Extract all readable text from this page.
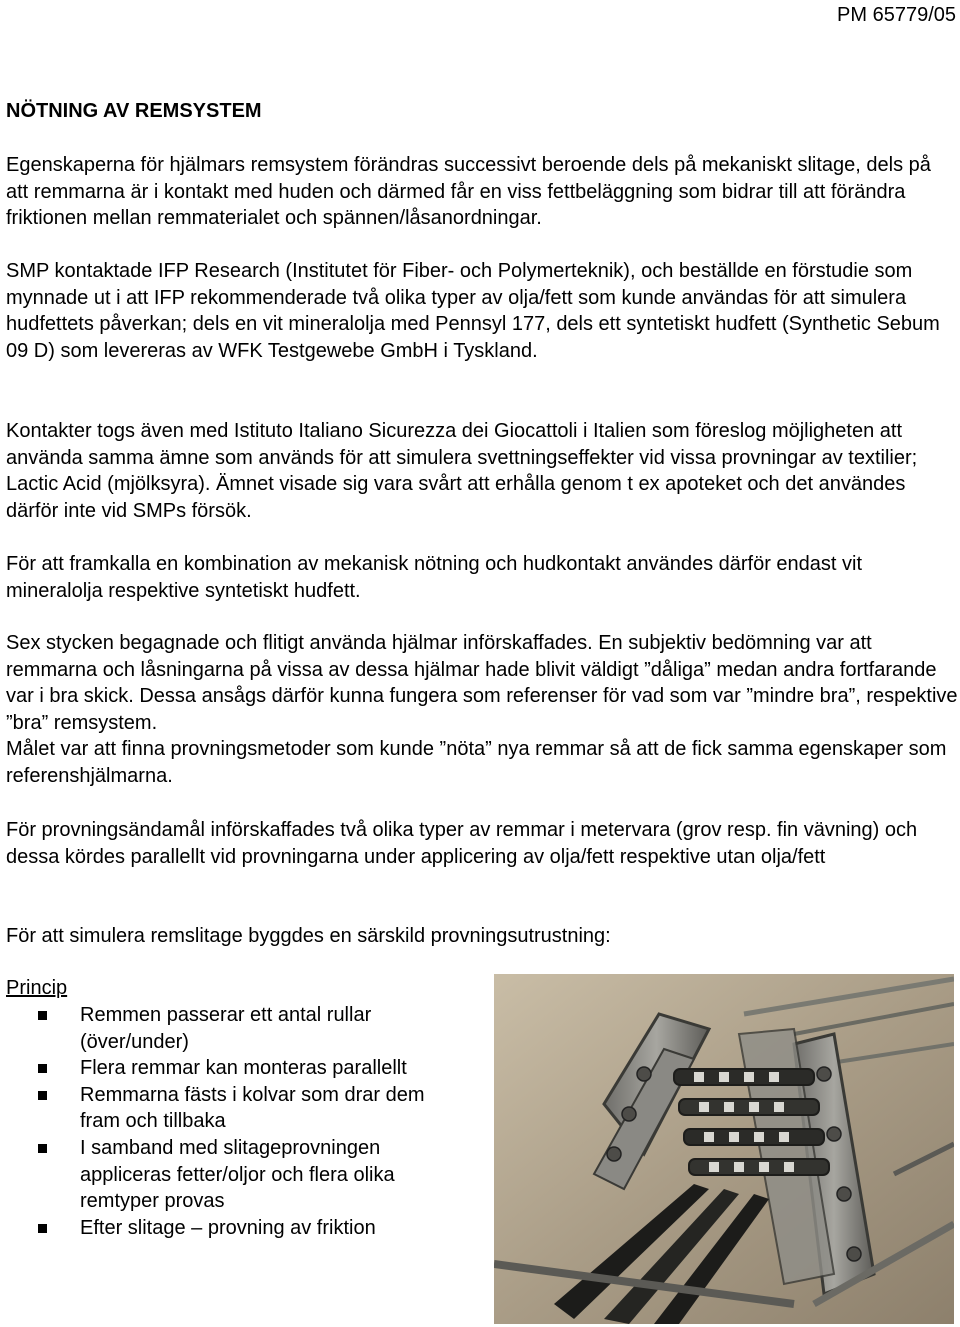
PM 65779/05
NÖTNING AV REMSYSTEM

Egenskaperna för hjälmars remsystem förändras successivt beroende dels på mekaniskt slitage, dels på att remmarna är i kontakt med huden och därmed får en viss fettbeläggning som bidrar till att förändra friktionen mellan remmaterialet och spännen/låsanordningar.

SMP kontaktade IFP Research (Institutet för Fiber- och Polymerteknik), och beställde en förstudie som mynnade ut i att IFP rekommenderade två olika typer av olja/fett som kunde användas för att simulera hudfettets påverkan; dels en vit mineralolja med Pennsyl 177, dels ett syntetiskt hudfett (Synthetic Sebum 09 D) som levereras av WFK Testgewebe GmbH i Tyskland.

Kontakter togs även med Istituto Italiano Sicurezza dei Giocattoli i Italien som föreslog möjligheten att använda samma ämne som används för att simulera svettningseffekter vid vissa provningar av textilier; Lactic Acid (mjölksyra). Ämnet visade sig vara svårt att erhålla genom t ex apoteket och det användes därför inte vid SMPs försök.

För att framkalla en kombination av mekanisk nötning och hudkontakt användes därför endast vit mineralolja respektive syntetiskt hudfett.

Sex stycken begagnade och flitigt använda hjälmar införskaffades. En subjektiv bedömning var att remmarna och låsningarna på vissa av dessa hjälmar hade blivit väldigt ”dåliga” medan andra fortfarande var i bra skick. Dessa ansågs därför kunna fungera som referenser för vad som var ”mindre bra”, respektive ”bra” remsystem.

Målet var att finna provningsmetoder som kunde ”nöta” nya remmar så att de fick samma egenskaper som referenshjälmarna.

För provningsändamål införskaffades två olika typer av remmar i metervara (grov resp. fin vävning) och dessa kördes parallellt vid provningarna under applicering av olja/fett respektive utan olja/fett

För att simulera remslitage byggdes en särskild provningsutrustning:

Princip
Remmen passerar ett antal rullar (över/under)
Flera remmar kan monteras parallellt
Remmarna fästs i kolvar som drar dem fram och tillbaka
I samband med slitageprovningen appliceras fetter/oljor och flera olika remtyper provas
Efter slitage – provning av friktion
